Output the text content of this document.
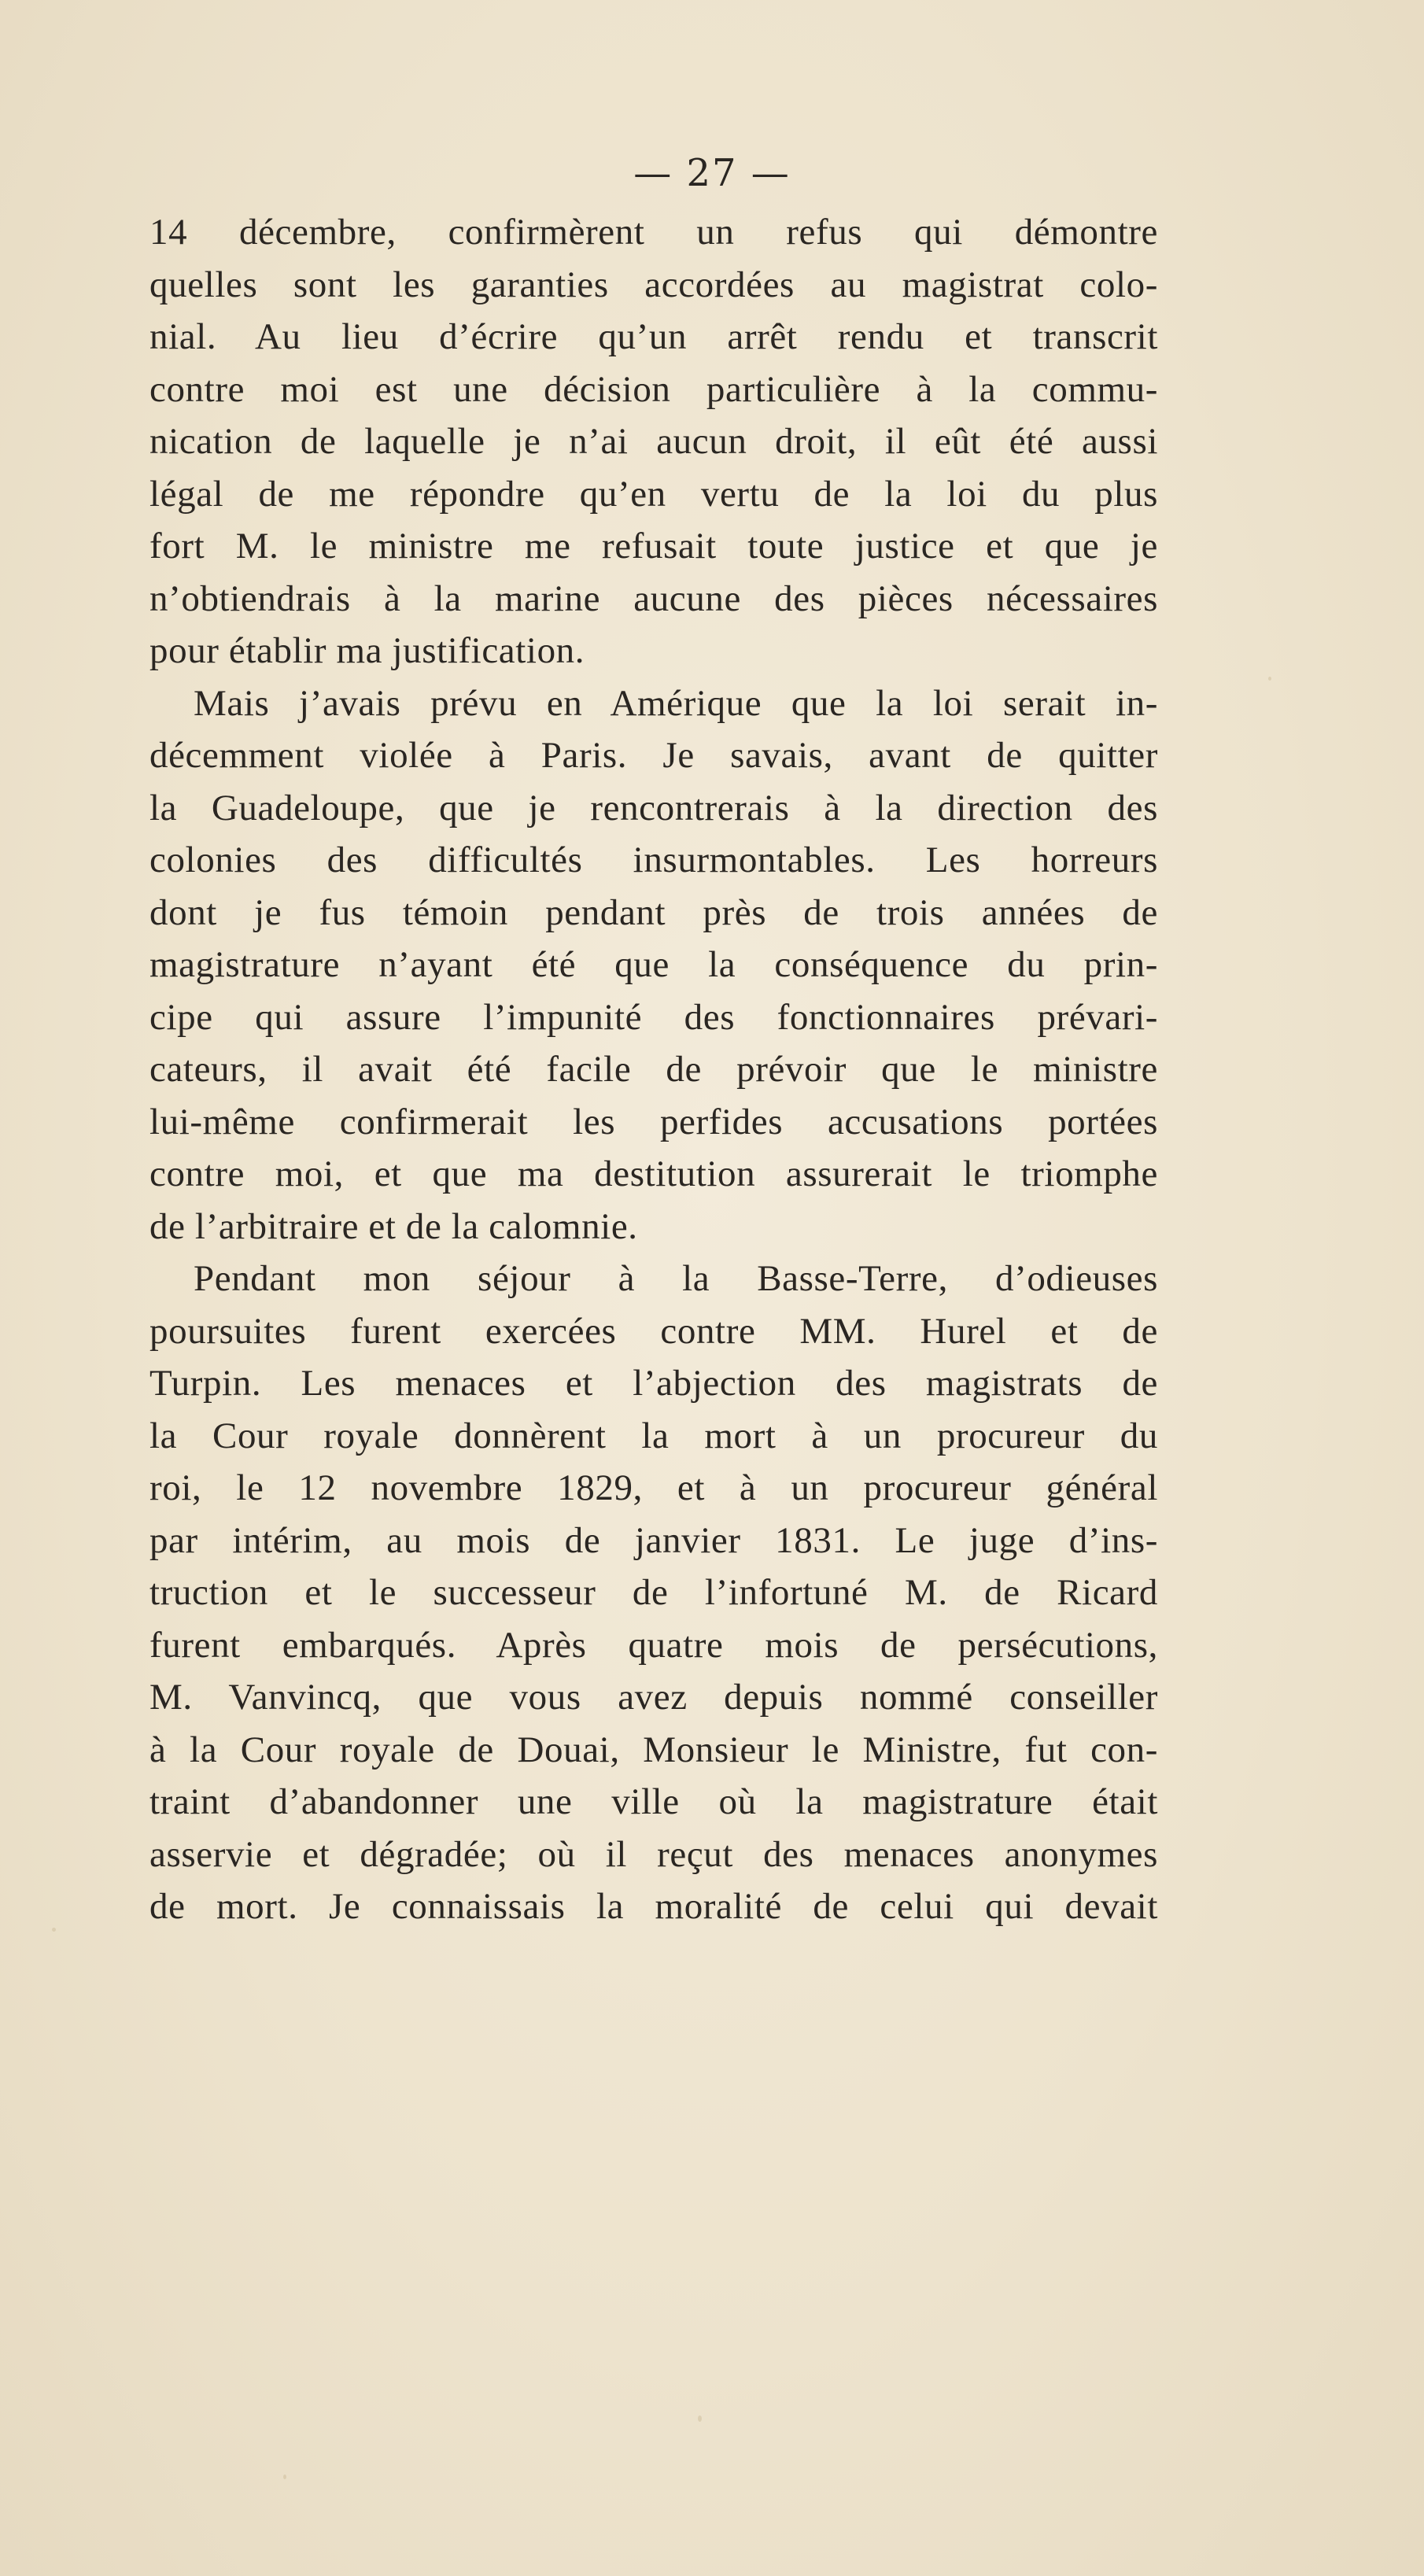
— 27 —
14 décembre, confirmèrent un refus qui démontre
quelles sont les garanties accordées au magistrat colo-
nial. Au lieu d’écrire qu’un arrêt rendu et transcrit
contre moi est une décision particulière à la commu-
nication de laquelle je n’ai aucun droit, il eût été aussi
légal de me répondre qu’en vertu de la loi du plus
fort M. le ministre me refusait toute justice et que je
n’obtiendrais à la marine aucune des pièces nécessaires
pour établir ma justification.
Mais j’avais prévu en Amérique que la loi serait in-
décemment violée à Paris. Je savais, avant de quitter
la Guadeloupe, que je rencontrerais à la direction des
colonies des difficultés insurmontables. Les horreurs
dont je fus témoin pendant près de trois années de
magistrature n’ayant été que la conséquence du prin-
cipe qui assure l’impunité des fonctionnaires prévari-
cateurs, il avait été facile de prévoir que le ministre
lui-même confirmerait les perfides accusations portées
contre moi, et que ma destitution assurerait le triomphe
de l’arbitraire et de la calomnie.
Pendant mon séjour à la Basse-Terre, d’odieuses
poursuites furent exercées contre MM. Hurel et de
Turpin. Les menaces et l’abjection des magistrats de
la Cour royale donnèrent la mort à un procureur du
roi, le 12 novembre 1829, et à un procureur général
par intérim, au mois de janvier 1831. Le juge d’ins-
truction et le successeur de l’infortuné M. de Ricard
furent embarqués. Après quatre mois de persécutions,
M. Vanvincq, que vous avez depuis nommé conseiller
à la Cour royale de Douai, Monsieur le Ministre, fut con-
traint d’abandonner une ville où la magistrature était
asservie et dégradée; où il reçut des menaces anonymes
de mort. Je connaissais la moralité de celui qui devait
